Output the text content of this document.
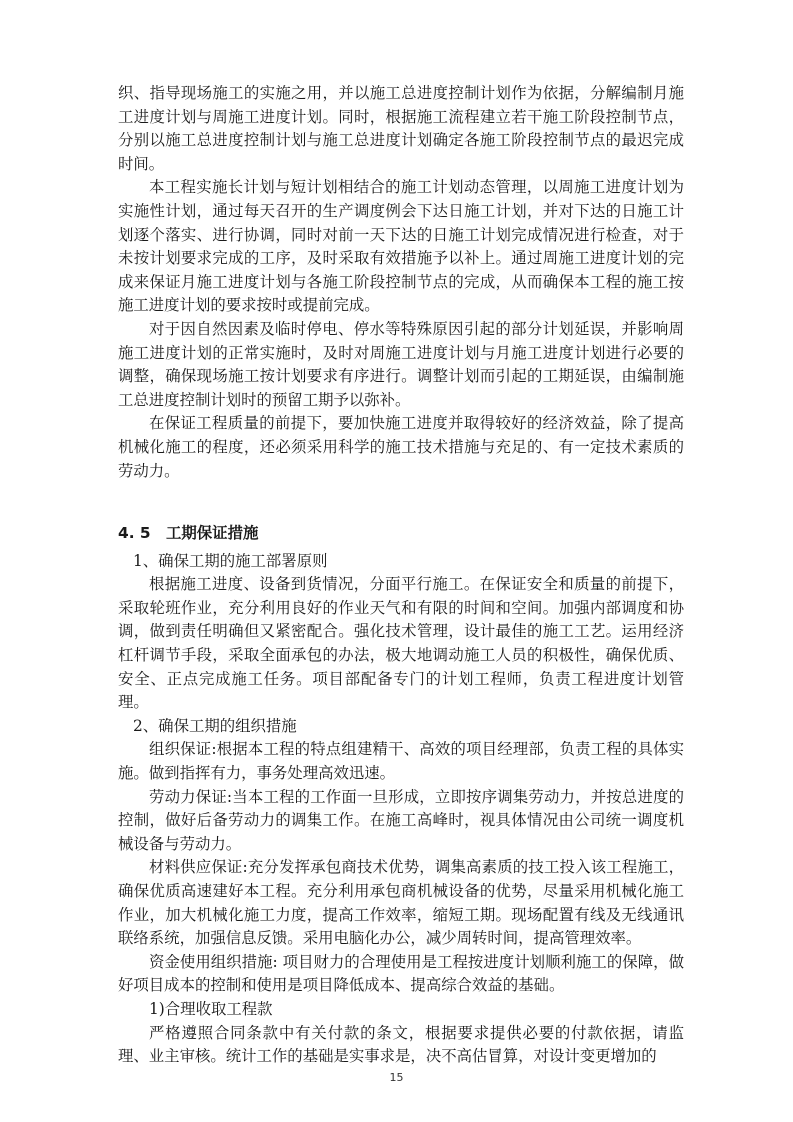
织、指导现场施工的实施之用，并以施工总进度控制计划作为依据，分解编制月施工进度计划与周施工进度计划。同时，根据施工流程建立若干施工阶段控制节点，分别以施工总进度控制计划与施工总进度计划确定各施工阶段控制节点的最迟完成时间。

本工程实施长计划与短计划相结合的施工计划动态管理，以周施工进度计划为实施性计划，通过每天召开的生产调度例会下达日施工计划，并对下达的日施工计划逐个落实、进行协调，同时对前一天下达的日施工计划完成情况进行检查，对于未按计划要求完成的工序，及时采取有效措施予以补上。通过周施工进度计划的完成来保证月施工进度计划与各施工阶段控制节点的完成，从而确保本工程的施工按施工进度计划的要求按时或提前完成。

对于因自然因素及临时停电、停水等特殊原因引起的部分计划延误，并影响周施工进度计划的正常实施时，及时对周施工进度计划与月施工进度计划进行必要的调整，确保现场施工按计划要求有序进行。调整计划而引起的工期延误，由编制施工总进度控制计划时的预留工期予以弥补。

在保证工程质量的前提下，要加快施工进度并取得较好的经济效益，除了提高机械化施工的程度，还必须采用科学的施工技术措施与充足的、有一定技术素质的劳动力。

4. 5　工期保证措施

1、确保工期的施工部署原则

根据施工进度、设备到货情况，分面平行施工。在保证安全和质量的前提下，采取轮班作业，充分利用良好的作业天气和有限的时间和空间。加强内部调度和协调，做到责任明确但又紧密配合。强化技术管理，设计最佳的施工工艺。运用经济杠杆调节手段，采取全面承包的办法，极大地调动施工人员的积极性，确保优质、安全、正点完成施工任务。项目部配备专门的计划工程师，负责工程进度计划管理。

2、确保工期的组织措施

组织保证:根据本工程的特点组建精干、高效的项目经理部，负责工程的具体实施。做到指挥有力，事务处理高效迅速。

劳动力保证:当本工程的工作面一旦形成，立即按序调集劳动力，并按总进度的控制，做好后备劳动力的调集工作。在施工高峰时，视具体情况由公司统一调度机械设备与劳动力。

材料供应保证:充分发挥承包商技术优势，调集高素质的技工投入该工程施工，确保优质高速建好本工程。充分利用承包商机械设备的优势，尽量采用机械化施工作业，加大机械化施工力度，提高工作效率，缩短工期。现场配置有线及无线通讯联络系统，加强信息反馈。采用电脑化办公，减少周转时间，提高管理效率。

资金使用组织措施: 项目财力的合理使用是工程按进度计划顺利施工的保障，做好项目成本的控制和使用是项目降低成本、提高综合效益的基础。

1)合理收取工程款

严格遵照合同条款中有关付款的条文，根据要求提供必要的付款依据，请监理、业主审核。统计工作的基础是实事求是，决不高估冒算，对设计变更增加的

15
